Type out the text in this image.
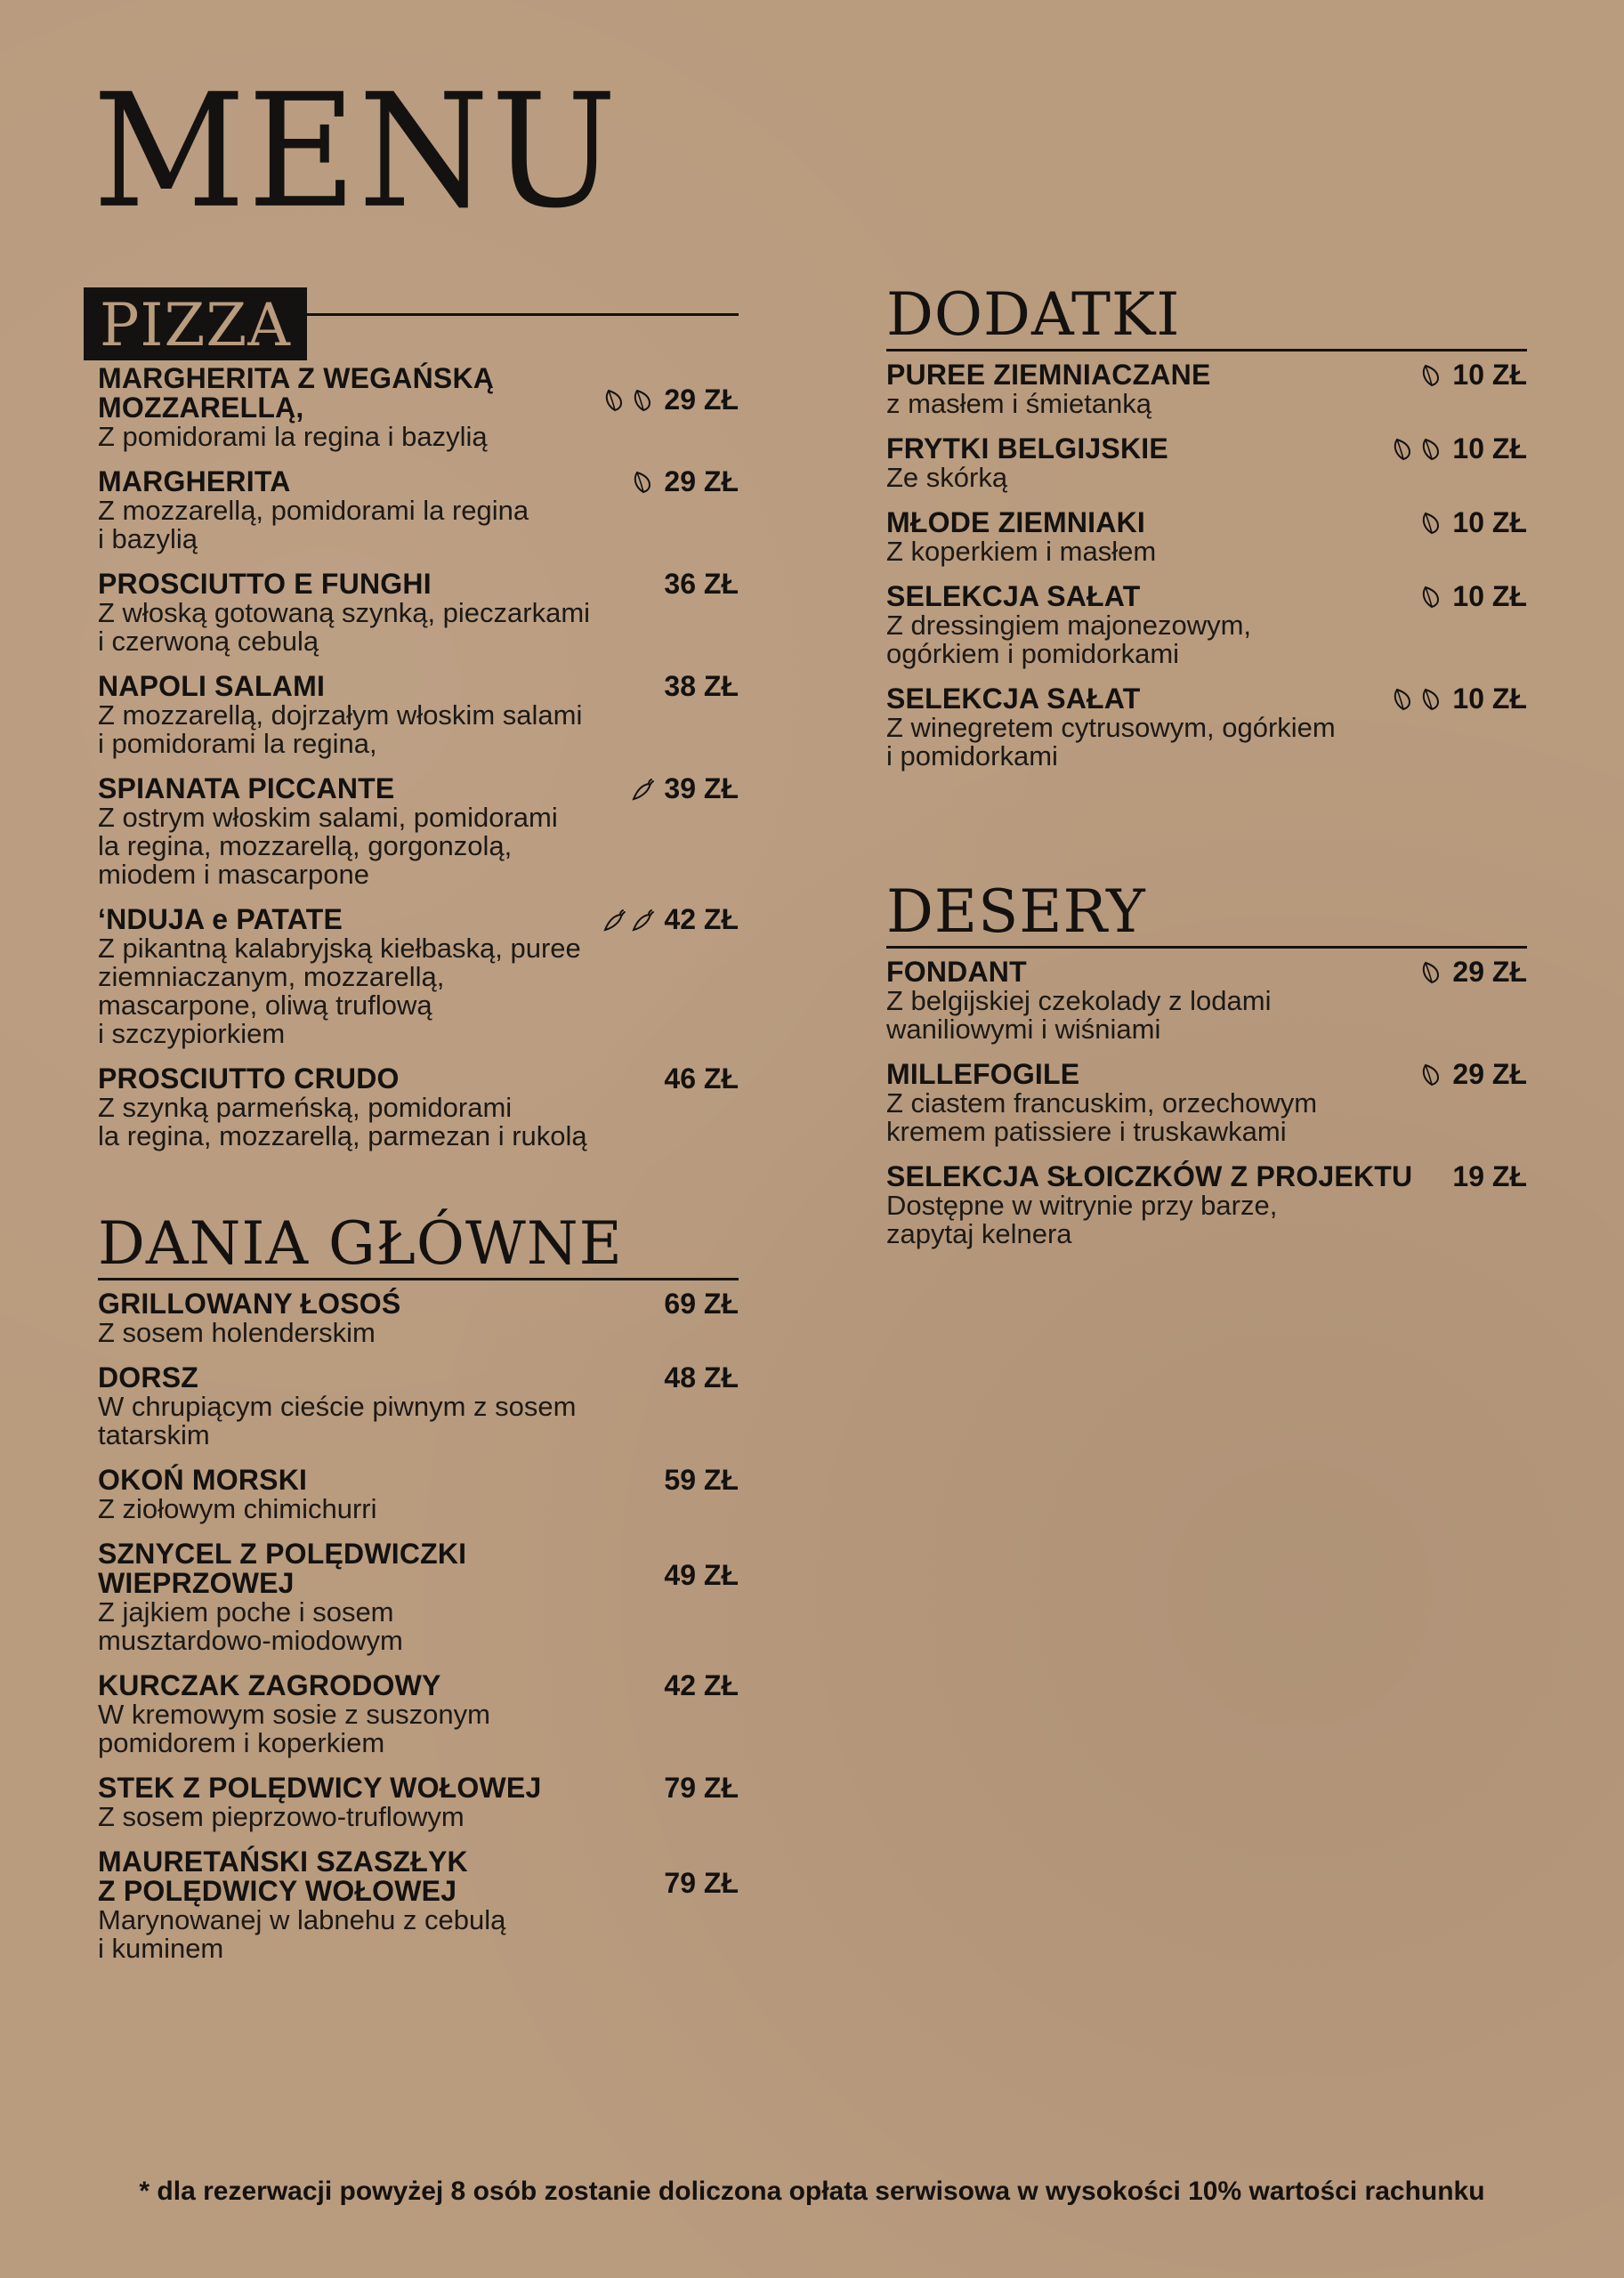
MENU
PIZZA
MARGHERITA Z WEGAŃSKĄ
MOZZARELLĄ,
Z pomidorami la regina i bazylią
29 ZŁ
MARGHERITA
Z mozzarellą, pomidorami la regina
i bazylią
29 ZŁ
PROSCIUTTO E FUNGHI
Z włoską gotowaną szynką, pieczarkami
i czerwoną cebulą
36 ZŁ
NAPOLI SALAMI
Z mozzarellą, dojrzałym włoskim salami
i pomidorami la regina,
38 ZŁ
SPIANATA PICCANTE
Z ostrym włoskim salami, pomidorami
la regina, mozzarellą, gorgonzolą,
miodem i mascarpone
39 ZŁ
‘NDUJA e PATATE
Z pikantną kalabryjską kiełbaską, puree
ziemniaczanym, mozzarellą,
mascarpone, oliwą truflową
i szczypiorkiem
42 ZŁ
PROSCIUTTO CRUDO
Z szynką parmeńską, pomidorami
la regina, mozzarellą, parmezan i rukolą
46 ZŁ
DANIA GŁÓWNE
GRILLOWANY ŁOSOŚ
Z sosem holenderskim
69 ZŁ
DORSZ
W chrupiącym cieście piwnym z sosem
tatarskim
48 ZŁ
OKOŃ MORSKI
Z ziołowym chimichurri
59 ZŁ
SZNYCEL Z POLĘDWICZKI
WIEPRZOWEJ
Z jajkiem poche i sosem
musztardowo-miodowym
49 ZŁ
KURCZAK ZAGRODOWY
W kremowym sosie z suszonym
pomidorem i koperkiem
42 ZŁ
STEK Z POLĘDWICY WOŁOWEJ
Z sosem pieprzowo-truflowym
79 ZŁ
MAURETAŃSKI SZASZŁYK
Z POLĘDWICY WOŁOWEJ
Marynowanej w labnehu z cebulą
i kuminem
79 ZŁ
DODATKI
PUREE ZIEMNIACZANE
z masłem i śmietanką
10 ZŁ
FRYTKI BELGIJSKIE
Ze skórką
10 ZŁ
MŁODE ZIEMNIAKI
Z koperkiem i masłem
10 ZŁ
SELEKCJA SAŁAT
Z dressingiem majonezowym,
ogórkiem i pomidorkami
10 ZŁ
SELEKCJA SAŁAT
Z winegretem cytrusowym, ogórkiem
i pomidorkami
10 ZŁ
DESERY
FONDANT
Z belgijskiej czekolady z lodami
waniliowymi i wiśniami
29 ZŁ
MILLEFOGILE
Z ciastem francuskim, orzechowym
kremem patissiere i truskawkami
29 ZŁ
SELEKCJA SŁOICZKÓW Z PROJEKTU
Dostępne w witrynie przy barze,
zapytaj kelnera
19 ZŁ
* dla rezerwacji powyżej 8 osób zostanie doliczona opłata serwisowa w wysokości 10% wartości rachunku
